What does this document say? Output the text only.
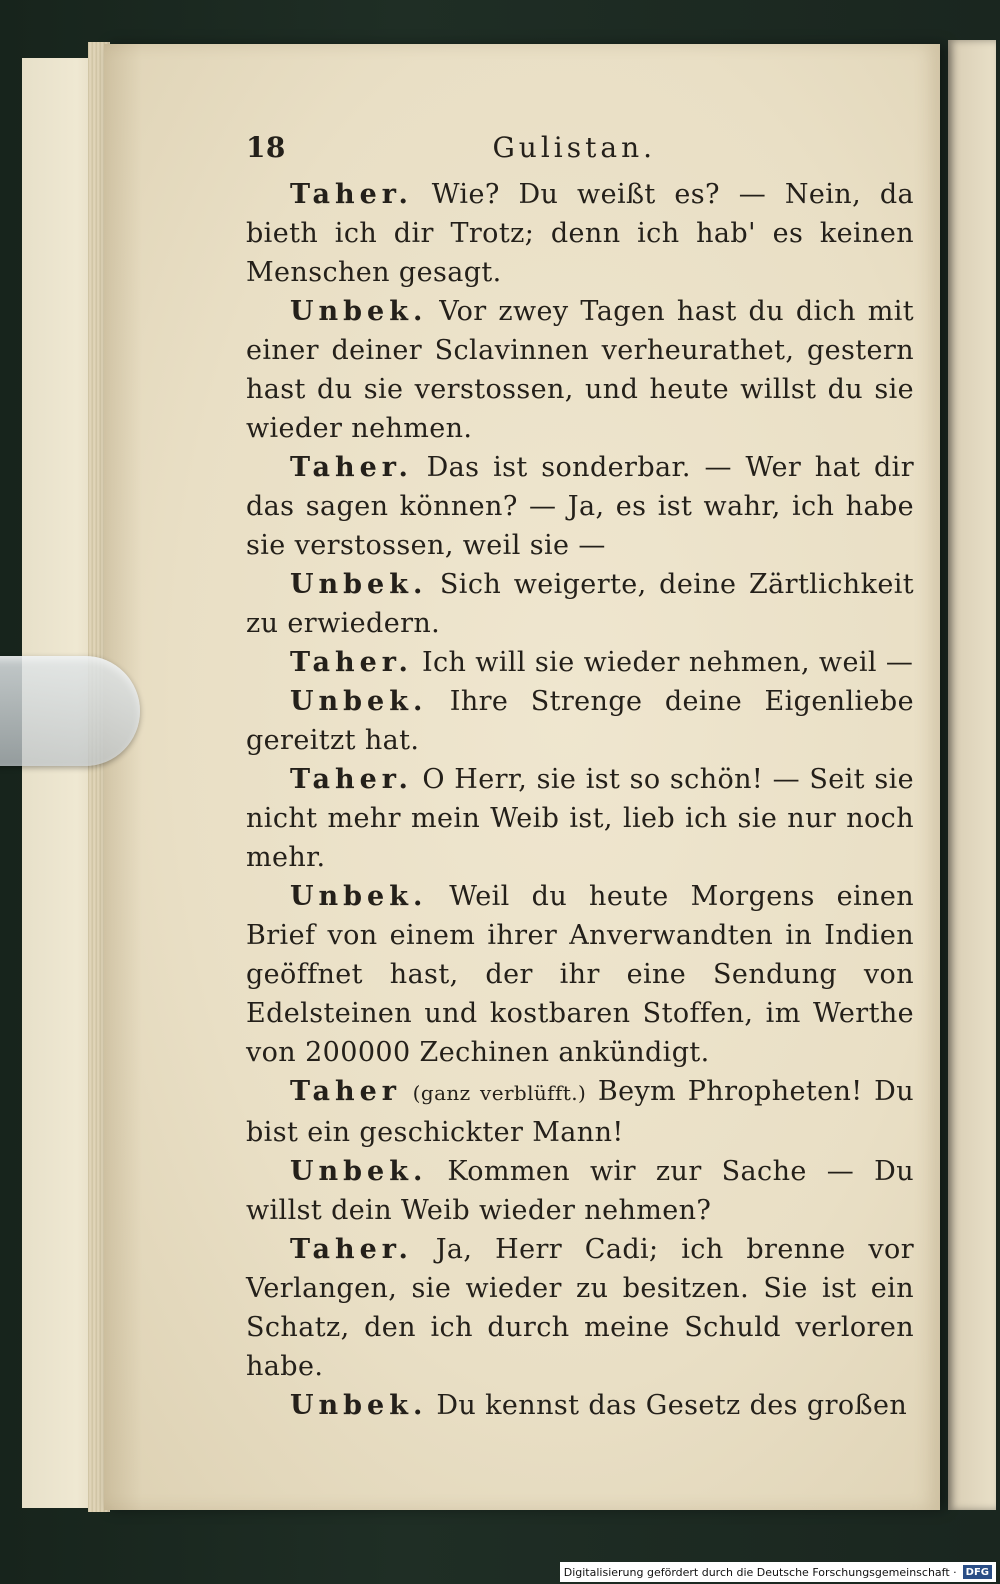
18	Gulistan.

Taher. Wie? Du weißt es? — Nein, da bieth ich dir Trotz; denn ich hab' es keinen Menschen gesagt.

Unbek. Vor zwey Tagen hast du dich mit einer deiner Sclavinnen verheurathet, gestern hast du sie verstossen, und heute willst du sie wieder nehmen.

Taher. Das ist sonderbar. — Wer hat dir das sagen können? — Ja, es ist wahr, ich habe sie verstossen, weil sie —

Unbek. Sich weigerte, deine Zärtlichkeit zu erwiedern.

Taher. Ich will sie wieder nehmen, weil —

Unbek. Ihre Strenge deine Eigenliebe gereitzt hat.

Taher. O Herr, sie ist so schön! — Seit sie nicht mehr mein Weib ist, lieb ich sie nur noch mehr.

Unbek. Weil du heute Morgens einen Brief von einem ihrer Anverwandten in Indien geöffnet hast, der ihr eine Sendung von Edelsteinen und kostbaren Stoffen, im Werthe von 200000 Zechinen ankündigt.

Taher (ganz verblüfft.) Beym Phropheten! Du bist ein geschickter Mann!

Unbek. Kommen wir zur Sache — Du willst dein Weib wieder nehmen?

Taher. Ja, Herr Cadi; ich brenne vor Verlangen, sie wieder zu besitzen. Sie ist ein Schatz, den ich durch meine Schuld verloren habe.

Unbek. Du kennst das Gesetz des großen

Digitalisierung gefördert durch die Deutsche Forschungsgemeinschaft · DFG
